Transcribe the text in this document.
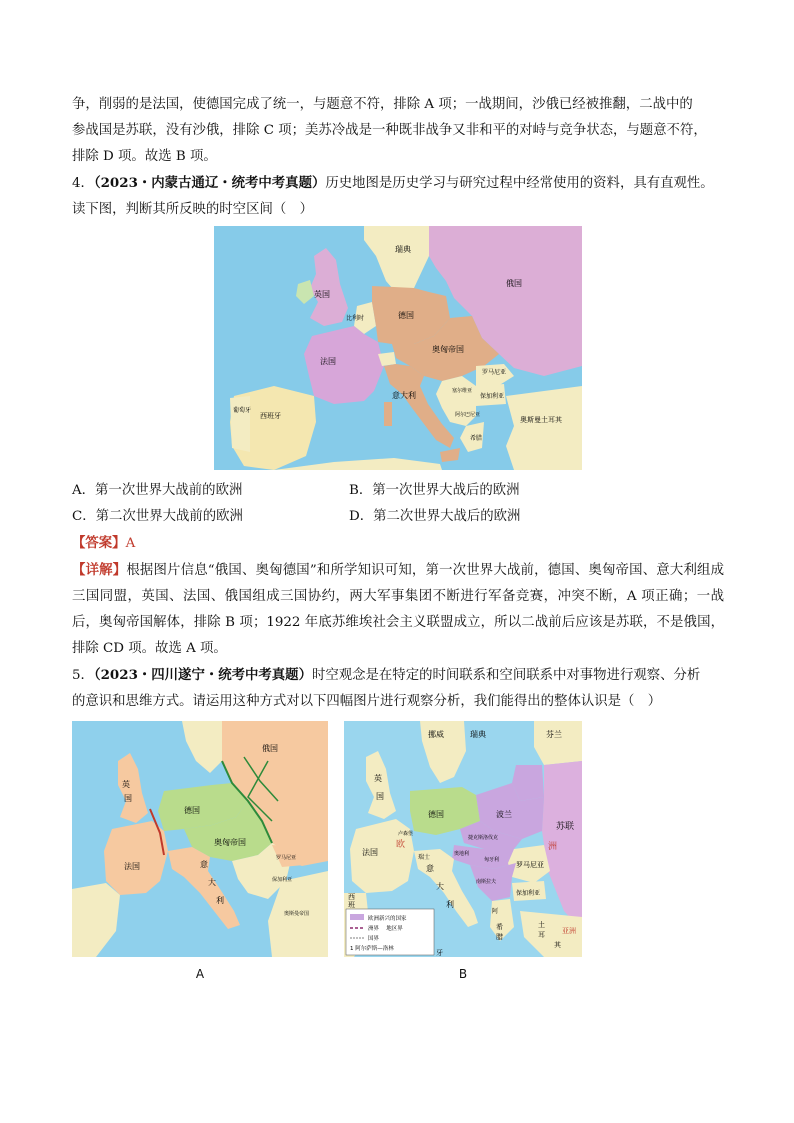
争，削弱的是法国，使德国完成了统一，与题意不符，排除 A 项；一战期间，沙俄已经被推翻，二战中的

参战国是苏联，没有沙俄，排除 C 项；美苏冷战是一种既非战争又非和平的对峙与竞争状态，与题意不符，

排除 D 项。故选 B 项。

4．（2023・内蒙古通辽・统考中考真题）历史地图是历史学习与研究过程中经常使用的资料，具有直观性。

读下图，判断其所反映的时空区间（　）

瑞典
英国
俄国
比利时	德国
法国
奥匈帝国
罗马尼亚
塞尔维亚
保加利亚
意大利
葡萄牙
西班牙	阿尔巴尼亚
希腊
奥斯曼土耳其
A．第一次世界大战前的欧洲	B．第一次世界大战后的欧洲
C．第二次世界大战前的欧洲	D．第二次世界大战后的欧洲

【答案】A

【详解】根据图片信息“俄国、奥匈德国”和所学知识可知，第一次世界大战前，德国、奥匈帝国、意大利组成三国同盟，英国、法国、俄国组成三国协约，两大军事集团不断进行军备竞赛，冲突不断，A 项正确；一战后，奥匈帝国解体，排除 B 项；1922 年底苏维埃社会主义联盟成立，所以二战前后应该是苏联，不是俄国，排除 CD 项。故选 A 项。

5．（2023・四川遂宁・统考中考真题）时空观念是在特定的时间联系和空间联系中对事物进行观察、分析

的意识和思维方式。请运用这种方式对以下四幅图片进行观察分析，我们能得出的整体认识是（　）

俄国
英
国
德国
法国
奥匈帝国
意
大
利
罗马尼亚
保加利亚
奥斯曼帝国
A
挪威	瑞典	芬兰
英
国
苏联
德国	波兰
法国
欧	洲
卢森堡
瑞士
捷克斯洛伐克
奥地利
匈牙利
罗马尼亚
意
大
利
南斯拉夫
保加利亚
阿
西
班
牙
希
腊
土
耳
其
亚洲
欧洲新兴的国家
洲界　 地区界
国界
1 阿尔萨斯—洛林
B
